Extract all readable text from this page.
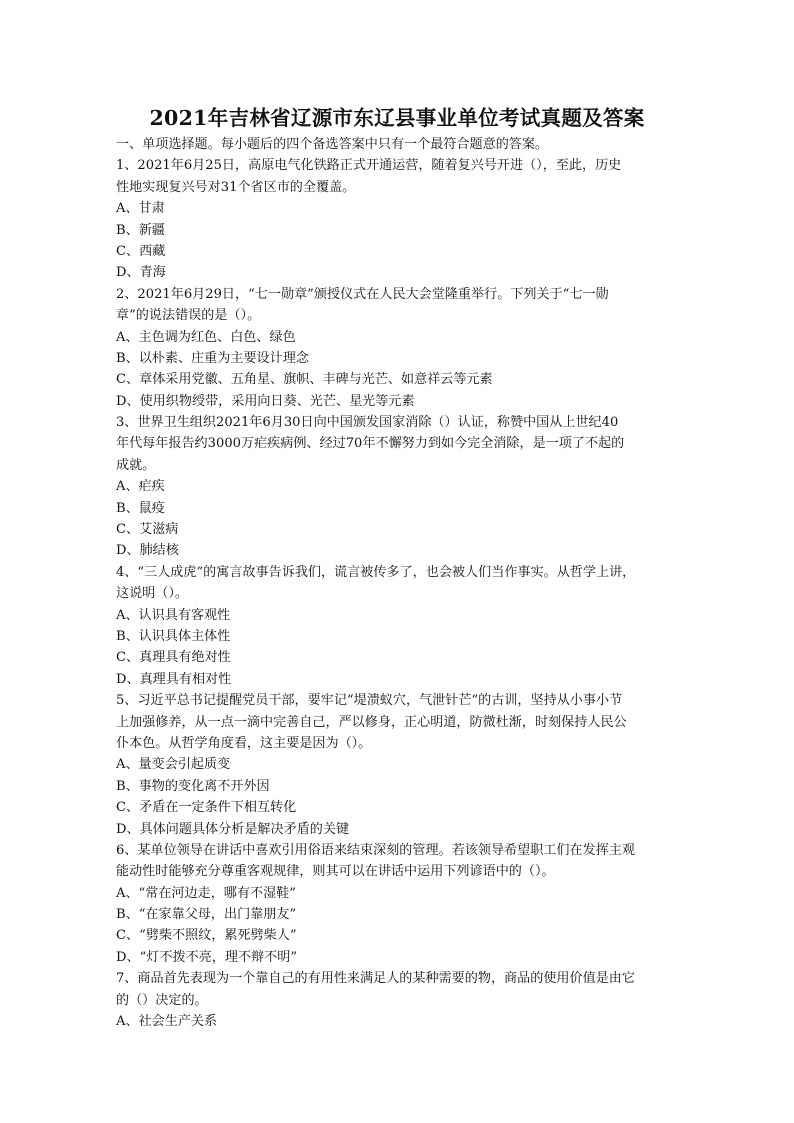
2021年吉林省辽源市东辽县事业单位考试真题及答案
一、单项选择题。每小题后的四个备选答案中只有一个最符合题意的答案。
1、2021年6月25日，高原电气化铁路正式开通运营，随着复兴号开进（），至此，历史
性地实现复兴号对31个省区市的全覆盖。
A、甘肃
B、新疆
C、西藏
D、青海
2、2021年6月29日，“七一勋章”颁授仪式在人民大会堂隆重举行。下列关于“七一勋
章”的说法错误的是（）。
A、主色调为红色、白色、绿色
B、以朴素、庄重为主要设计理念
C、章体采用党徽、五角星、旗帜、丰碑与光芒、如意祥云等元素
D、使用织物绶带，采用向日葵、光芒、星光等元素
3、世界卫生组织2021年6月30日向中国颁发国家消除（）认证，称赞中国从上世纪40
年代每年报告约3000万疟疾病例、经过70年不懈努力到如今完全消除，是一项了不起的
成就。
A、疟疾
B、鼠疫
C、艾滋病
D、肺结核
4、“三人成虎”的寓言故事告诉我们，谎言被传多了，也会被人们当作事实。从哲学上讲，
这说明（）。
A、认识具有客观性
B、认识具体主体性
C、真理具有绝对性
D、真理具有相对性
5、习近平总书记提醒党员干部，要牢记“堤溃蚁穴，气泄针芒”的古训，坚持从小事小节
上加强修养，从一点一滴中完善自己，严以修身，正心明道，防微杜渐，时刻保持人民公
仆本色。从哲学角度看，这主要是因为（）。
A、量变会引起质变
B、事物的变化离不开外因
C、矛盾在一定条件下相互转化
D、具体问题具体分析是解决矛盾的关键
6、某单位领导在讲话中喜欢引用俗语来结束深刻的管理。若该领导希望职工们在发挥主观
能动性时能够充分尊重客观规律，则其可以在讲话中运用下列谚语中的（）。
A、“常在河边走，哪有不湿鞋”
B、“在家靠父母，出门靠朋友”
C、“劈柴不照纹，累死劈柴人”
D、“灯不拨不亮，理不辩不明”
7、商品首先表现为一个靠自己的有用性来满足人的某种需要的物，商品的使用价值是由它
的（）决定的。
A、社会生产关系
